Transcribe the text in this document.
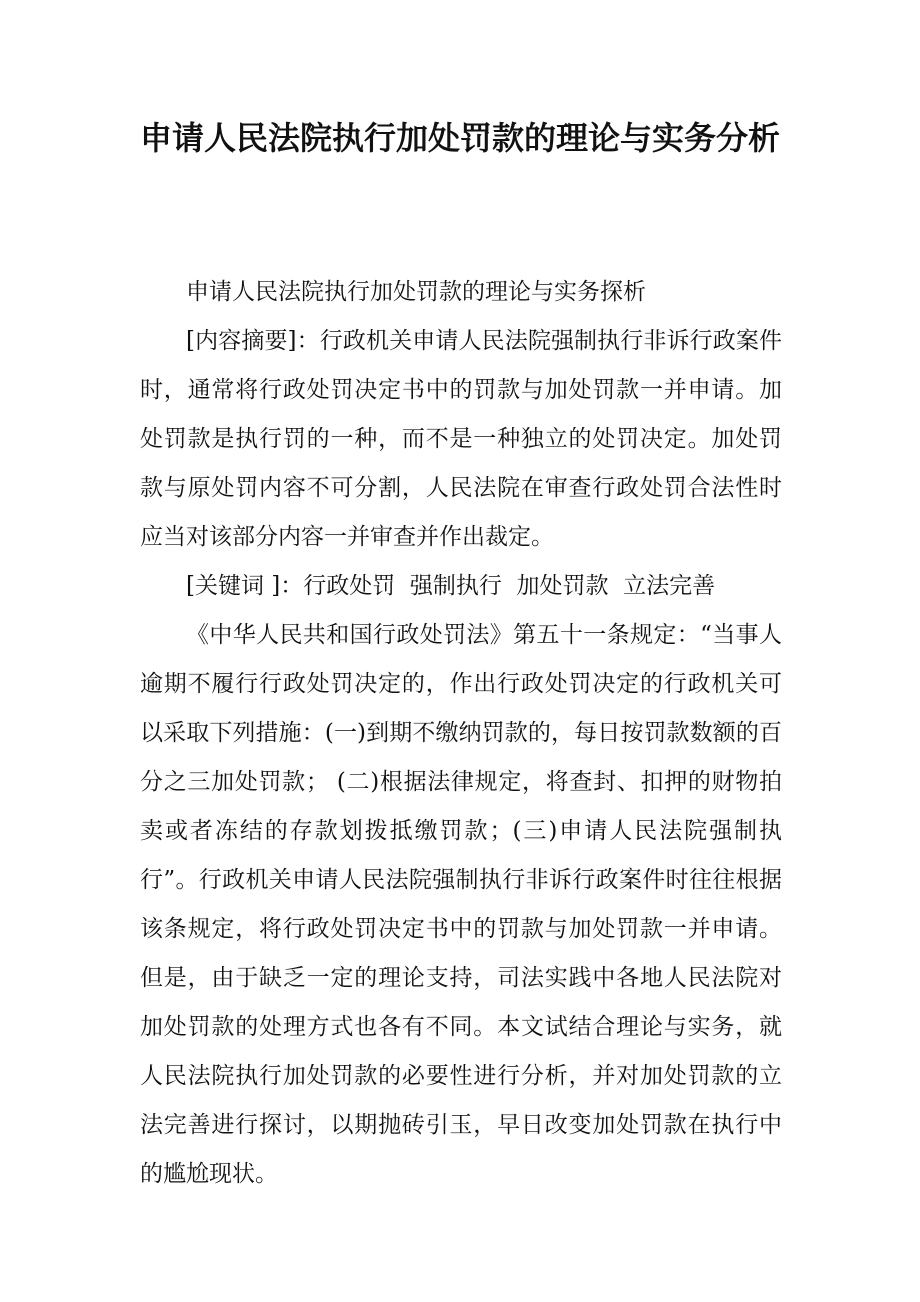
申请人民法院执行加处罚款的理论与实务分析

申请人民法院执行加处罚款的理论与实务探析

[内容摘要]：行政机关申请人民法院强制执行非诉行政案件时，通常将行政处罚决定书中的罚款与加处罚款一并申请。加处罚款是执行罚的一种，而不是一种独立的处罚决定。加处罚款与原处罚内容不可分割，人民法院在审查行政处罚合法性时应当对该部分内容一并审查并作出裁定。

[关键词 ]：行政处罚  强制执行  加处罚款  立法完善

《中华人民共和国行政处罚法》第五十一条规定：“当事人逾期不履行行政处罚决定的，作出行政处罚决定的行政机关可以采取下列措施：(一)到期不缴纳罚款的，每日按罚款数额的百分之三加处罚款； (二)根据法律规定，将查封、扣押的财物拍卖或者冻结的存款划拨抵缴罚款；(三)申请人民法院强制执行”。行政机关申请人民法院强制执行非诉行政案件时往往根据该条规定，将行政处罚决定书中的罚款与加处罚款一并申请。但是，由于缺乏一定的理论支持，司法实践中各地人民法院对加处罚款的处理方式也各有不同。本文试结合理论与实务，就人民法院执行加处罚款的必要性进行分析，并对加处罚款的立法完善进行探讨，以期抛砖引玉，早日改变加处罚款在执行中的尴尬现状。
